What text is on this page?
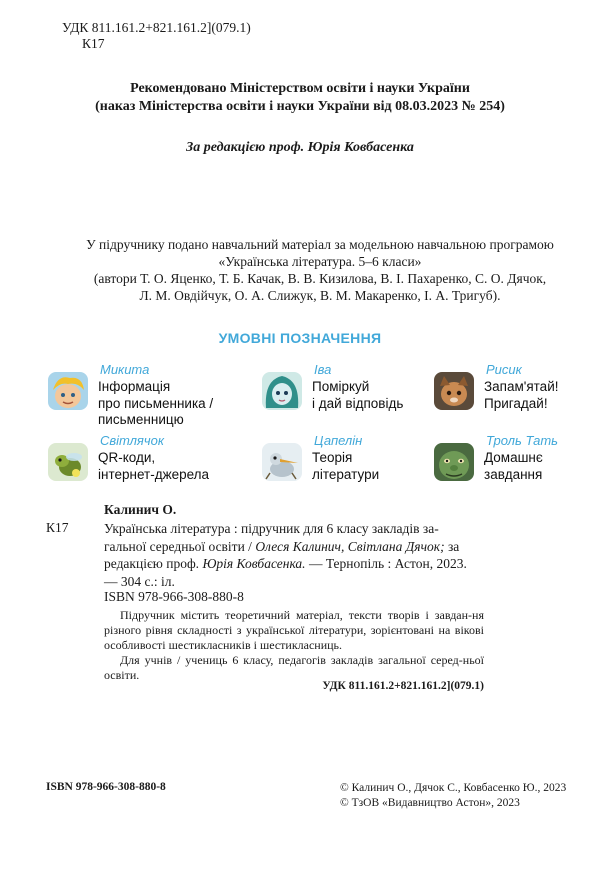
УДК 811.161.2+821.161.2](079.1)
К17
Рекомендовано Міністерством освіти і науки України
(наказ Міністерства освіти і науки України від 08.03.2023 № 254)
За редакцією проф. Юрія Ковбасенка
У підручнику подано навчальний матеріал за модельною навчальною програмою
«Українська література. 5–6 класи»
(автори Т. О. Яценко, Т. Б. Качак, В. В. Кизилова, В. І. Пахаренко, С. О. Дячок,
Л. М. Овдійчук, О. А. Слижук, В. М. Макаренко, І. А. Тригуб).
УМОВНІ ПОЗНАЧЕННЯ
Микита
Інформація
про письменника /
письменницю
Іва
Поміркуй
і дай відповідь
Рисик
Запам'ятай!
Пригадай!
Світлячок
QR-коди,
інтернет-джерела
Цапелін
Теорія
літератури
Троль Тать
Домашнє
завдання
Калинич О.
К17	Українська література : підручник для 6 класу закладів за-
гальної середньої освіти / Олеся Калинич, Світлана Дячок; за
редакцією проф. Юрія Ковбасенка. — Тернопіль : Астон, 2023.
— 304 с.: іл.
ISBN 978-966-308-880-8

Підручник містить теоретичний матеріал, тексти творів і завдан-ня різного рівня складності з української літератури, зорієнтовані на вікові особливості шестикласників і шестикласниць.

Для учнів / учениць 6 класу, педагогів закладів загальної серед-ньої освіти.

УДК 811.161.2+821.161.2](079.1)
ISBN 978-966-308-880-8	© Калинич О., Дячок С., Ковбасенко Ю., 2023
© ТзОВ «Видавництво Астон», 2023
